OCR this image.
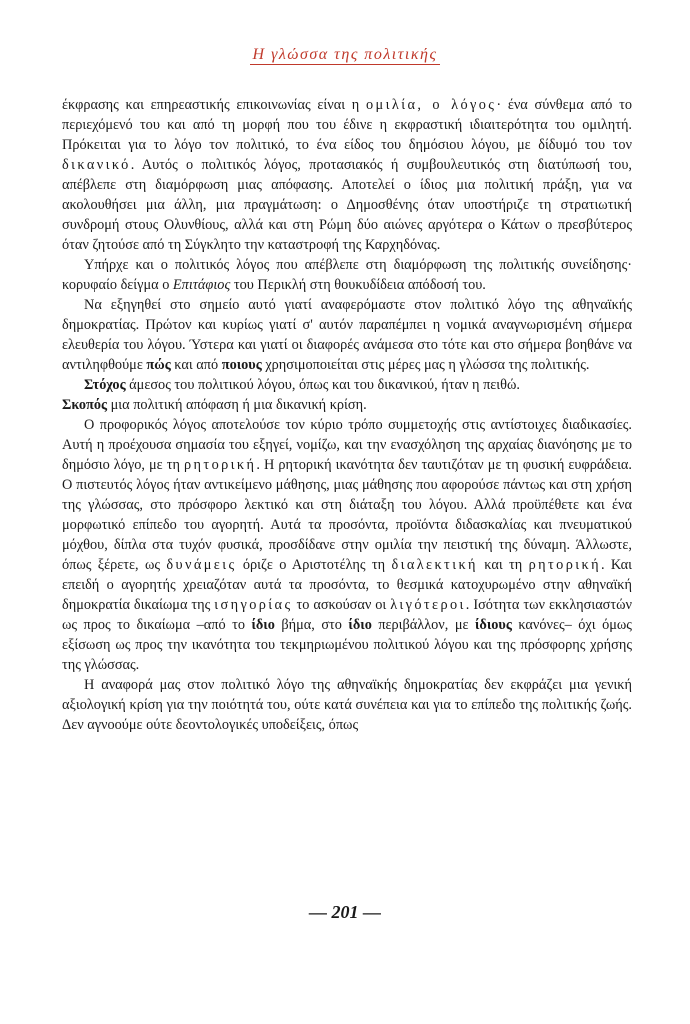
Η γλώσσα της πολιτικής

έκφρασης και επηρεαστικής επικοινωνίας είναι η ομιλία, ο λόγος· ένα σύνθεμα από το περιεχόμενό του και από τη μορφή που του έδινε η εκφραστική ιδιαιτερότητα του ομιλητή. Πρόκειται για το λόγο τον πολιτικό, το ένα είδος του δημόσιου λόγου, με δίδυμό του τον δικανικό. Αυτός ο πολιτικός λόγος, προτασιακός ή συμβουλευτικός στη διατύπωσή του, απέβλεπε στη διαμόρφωση μιας απόφασης. Αποτελεί ο ίδιος μια πολιτική πράξη, για να ακολουθήσει μια άλλη, μια πραγμάτωση: ο Δημοσθένης όταν υποστήριζε τη στρατιωτική συνδρομή στους Ολυνθίους, αλλά και στη Ρώμη δύο αιώνες αργότερα ο Κάτων ο πρεσβύτερος όταν ζητούσε από τη Σύγκλητο την καταστροφή της Καρχηδόνας.

Υπήρχε και ο πολιτικός λόγος που απέβλεπε στη διαμόρφωση της πολιτικής συνείδησης· κορυφαίο δείγμα ο Επιτάφιος του Περικλή στη θουκυδίδεια απόδοσή του.

Να εξηγηθεί στο σημείο αυτό γιατί αναφερόμαστε στον πολιτικό λόγο της αθηναϊκής δημοκρατίας. Πρώτον και κυρίως γιατί σ' αυτόν παραπέμπει η νομικά αναγνωρισμένη σήμερα ελευθερία του λόγου. Ύστερα και γιατί οι διαφορές ανάμεσα στο τότε και στο σήμερα βοηθάνε να αντιληφθούμε πώς και από ποιους χρησιμοποιείται στις μέρες μας η γλώσσα της πολιτικής.

Στόχος άμεσος του πολιτικού λόγου, όπως και του δικανικού, ήταν η πειθώ.
Σκοπός μια πολιτική απόφαση ή μια δικανική κρίση.

Ο προφορικός λόγος αποτελούσε τον κύριο τρόπο συμμετοχής στις αντίστοιχες διαδικασίες. Αυτή η προέχουσα σημασία του εξηγεί, νομίζω, και την ενασχόληση της αρχαίας διανόησης με το δημόσιο λόγο, με τη ρητορική. Η ρητορική ικανότητα δεν ταυτιζόταν με τη φυσική ευφράδεια. Ο πιστευτός λόγος ήταν αντικείμενο μάθησης, μιας μάθησης που αφορούσε πάντως και στη χρήση της γλώσσας, στο πρόσφορο λεκτικό και στη διάταξη του λόγου. Αλλά προϋπέθετε και ένα μορφωτικό επίπεδο του αγορητή. Αυτά τα προσόντα, προϊόντα διδασκαλίας και πνευματικού μόχθου, δίπλα στα τυχόν φυσικά, προσδίδανε στην ομιλία την πειστική της δύναμη. Άλλωστε, όπως ξέρετε, ως δυνάμεις όριζε ο Αριστοτέλης τη διαλεκτική και τη ρητορική. Και επειδή ο αγορητής χρειαζόταν αυτά τα προσόντα, το θεσμικά κατοχυρωμένο στην αθηναϊκή δημοκρατία δικαίωμα της ισηγορίας το ασκούσαν οι λιγότεροι. Ισότητα των εκκλησιαστών ως προς το δικαίωμα –από το ίδιο βήμα, στο ίδιο περιβάλλον, με ίδιους κανόνες– όχι όμως εξίσωση ως προς την ικανότητα του τεκμηριωμένου πολιτικού λόγου και της πρόσφορης χρήσης της γλώσσας.

Η αναφορά μας στον πολιτικό λόγο της αθηναϊκής δημοκρατίας δεν εκφράζει μια γενική αξιολογική κρίση για την ποιότητά του, ούτε κατά συνέπεια και για το επίπεδο της πολιτικής ζωής. Δεν αγνοούμε ούτε δεοντολογικές υποδείξεις, όπως

— 201 —
